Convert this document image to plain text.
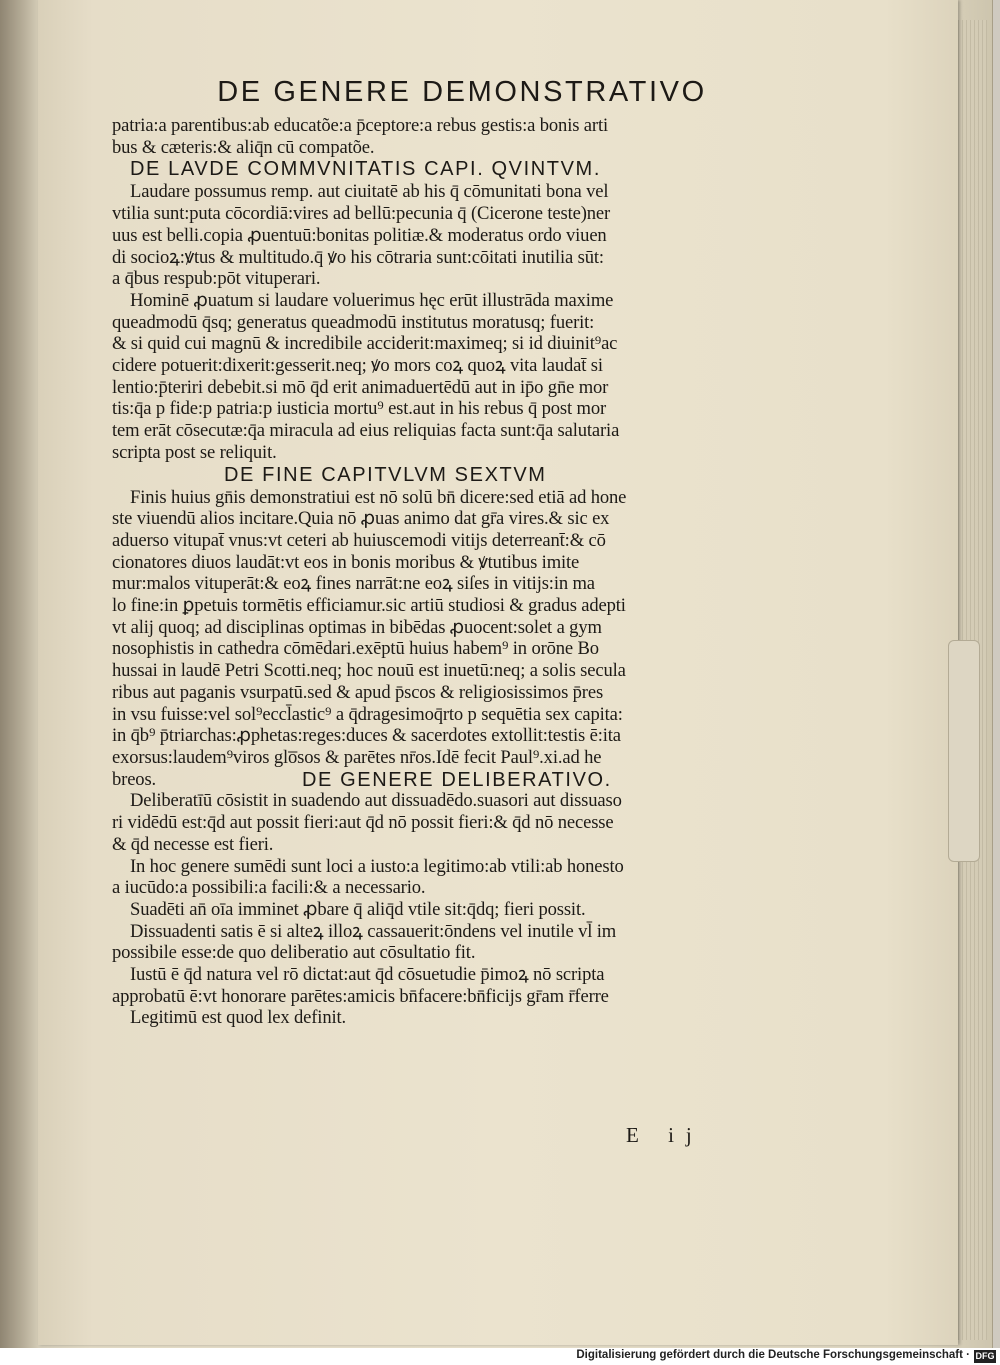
DE GENERE DEMONSTRATIVO
patria:a parentibus:ab educatõe:a p̄ceptore:a rebus gestis:a bonis arti
bus & cæteris:& aliq̄n cū compatõe.
DE LAVDE COMMVNITATIS CAPI. QVINTVM.
Laudare possumus remp. aut ciuitatē ab his q̄ cōmunitati bona vel
vtilia sunt:puta cōcordiā:vires ad bellū:pecunia q̄ (Cicerone teste)ner
uus est belli.copia ꝓuentuū:bonitas politiæ.& moderatus ordo viuen
di socioꝝ:ꝟtus & multitudo.q̄ ꝟo his cōtraria sunt:cōitati inutilia sūt:
a q̄bus respub:pōt vituperari.
Hominē ꝓuatum si laudare voluerimus hęc erūt illustrāda maxime
queadmodū q̄sq; generatus queadmodū institutus moratusq; fuerit:
& si quid cui magnū & incredibile acciderit:maximeq; si id diuinit⁹ac
cidere potuerit:dixerit:gesserit.neq; ꝟo mors coꝝ quoꝝ vita laudat̄ si
lentio:p̄teriri debebit.si mō q̄d erit animaduertēdū aut in ip̄o gn̄e mor
tis:q̄a p fide:p patria:p iusticia mortu⁹ est.aut in his rebus q̄ post mor
tem erāt cōsecutæ:q̄a miracula ad eius reliquias facta sunt:q̄a salutaria
scripta post se reliquit.
DE FINE CAPITVLVM SEXTVM
Finis huius gn̄is demonstratiui est nō solū bn̄ dicere:sed etiā ad hone
ste viuendū alios incitare.Quia nō ꝓuas animo dat gr̄a vires.& sic ex
aduerso vitupat̄ vnus:vt ceteri ab huiuscemodi vitijs deterreant̄:& cō
cionatores diuos laudāt:vt eos in bonis moribus & ꝟtutibus imite
mur:malos vituperāt:& eoꝝ fines narrāt:ne eoꝝ siſes in vitijs:in ma
lo fine:in ꝑpetuis tormētis efficiamur.sic artiū studiosi & gradus adepti
vt alij quoq; ad disciplinas optimas in bibēdas ꝓuocent:solet a gym
nosophistis in cathedra cōmēdari.exēptū huius habem⁹ in orōne Bo
hussai in laudē Petri Scotti.neq; hoc nouū est inuetū:neq; a solis secula
ribus aut paganis vsurpatū.sed & apud p̄scos & religiosissimos p̄res
in vsu fuisse:vel sol⁹eccl̄astic⁹ a q̄dragesimoq̄rto p sequētia sex capita:
in q̄b⁹ p̄triarchas:ꝓphetas:reges:duces & sacerdotes extollit:testis ē:ita
exorsus:laudem⁹viros glo̅sos & parētes nr̄os.Idē fecit Paul⁹.xi.ad he
breos.	DE GENERE DELIBERATIVO.
Deliberatīū cōsistit in suadendo aut dissuadēdo.suasori aut dissuaso
ri vidēdū est:q̄d aut possit fieri:aut q̄d nō possit fieri:& q̄d nō necesse
& q̄d necesse est fieri.
In hoc genere sumēdi sunt loci a iusto:a legitimo:ab vtili:ab honesto
a iucūdo:a possibili:a facili:& a necessario.
Suadēti an̄ oīa imminet ꝓbare q̄ aliq̄d vtile sit:q̄dq; fieri possit.
Dissuadenti satis ē si alteꝝ illoꝝ cassauerit:ōndens vel inutile vl̄ im
possibile esse:de quo deliberatio aut cōsultatio fit.
Iustū ē q̄d natura vel rō dictat:aut q̄d cōsuetudie p̄imoꝝ nō scripta
approbatū ē:vt honorare parētes:amicis bn̄facere:bn̄ficijs gr̄am r̄ferre
Legitimū est quod lex definit.
E ij
Digitalisierung gefördert durch die Deutsche Forschungsgemeinschaft · DFG
